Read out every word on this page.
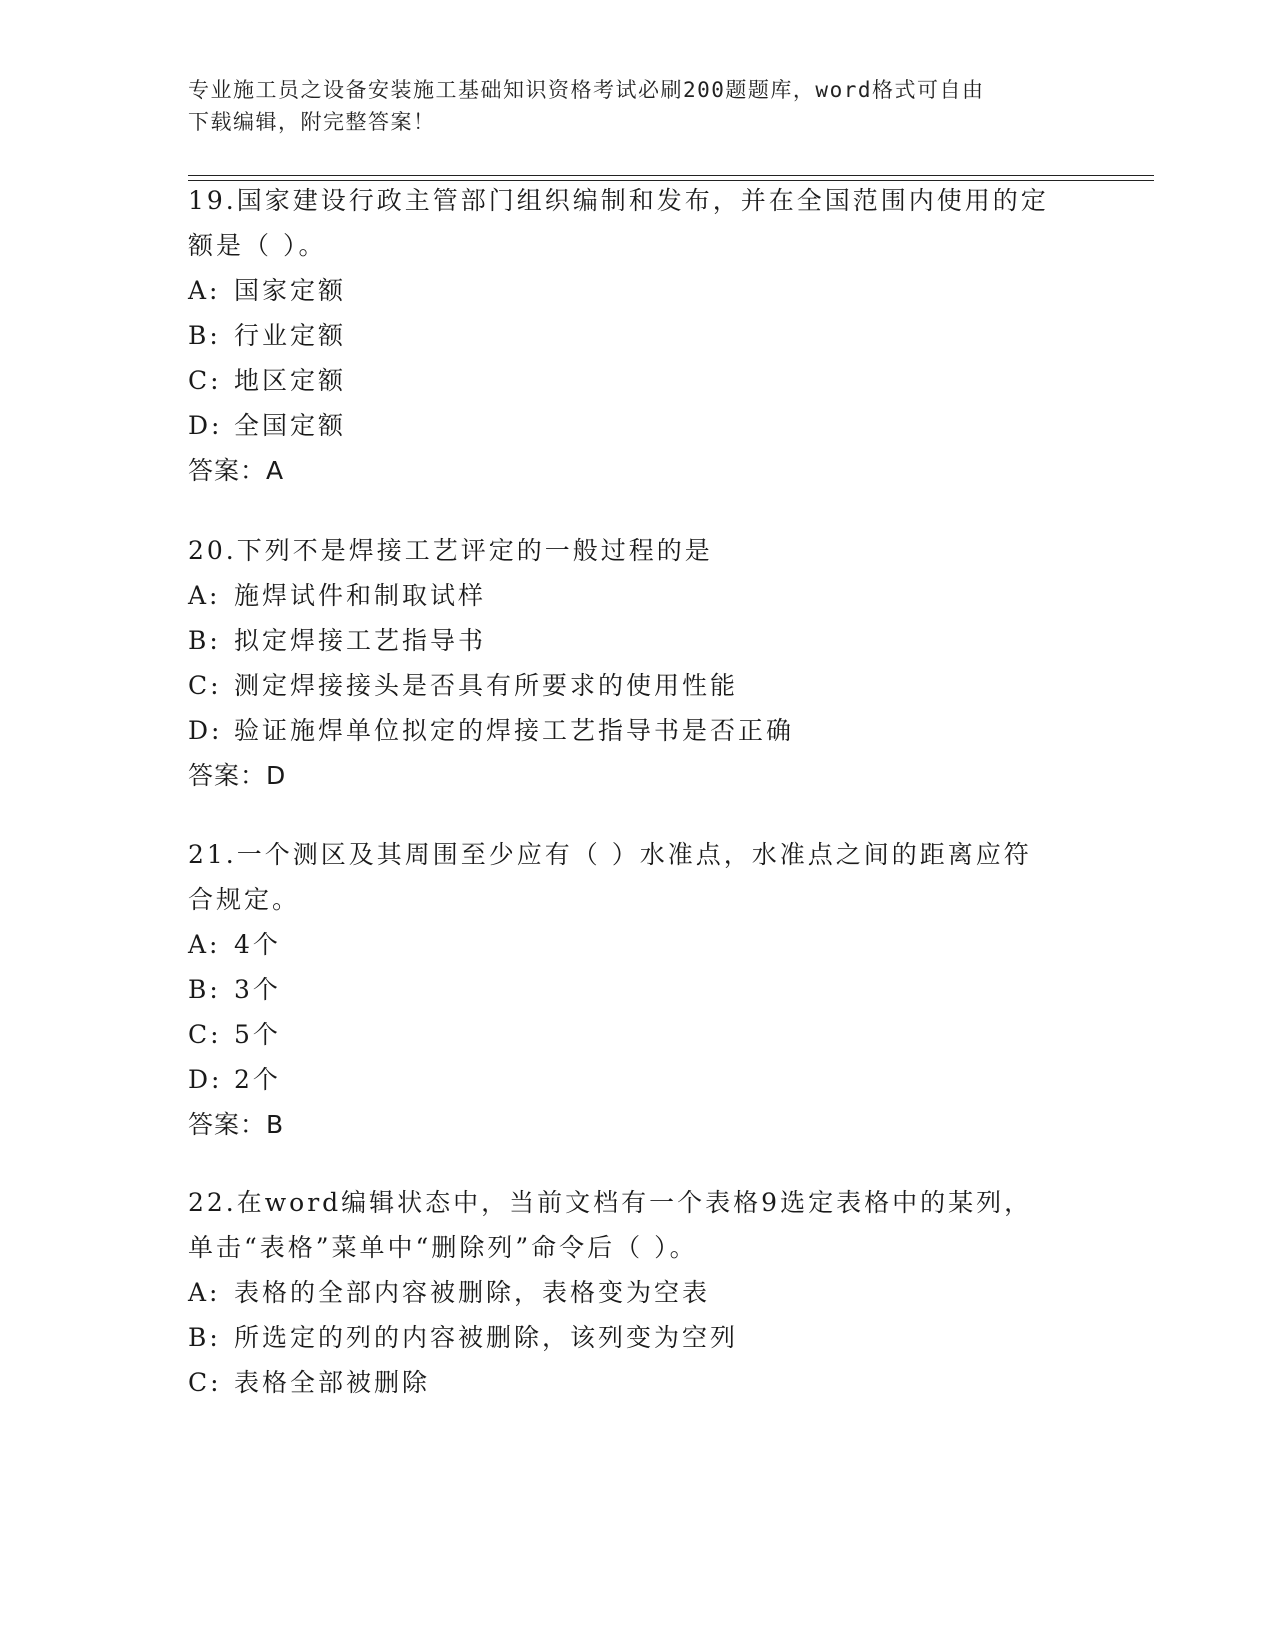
专业施工员之设备安装施工基础知识资格考试必刷200题题库，word格式可自由
下载编辑，附完整答案！

19.国家建设行政主管部门组织编制和发布，并在全国范围内使用的定
额是（ ）。

A: 国家定额

B: 行业定额

C: 地区定额

D: 全国定额

答案：A

20.下列不是焊接工艺评定的一般过程的是

A: 施焊试件和制取试样

B: 拟定焊接工艺指导书

C: 测定焊接接头是否具有所要求的使用性能

D: 验证施焊单位拟定的焊接工艺指导书是否正确

答案：D

21.一个测区及其周围至少应有（ ）水准点，水准点之间的距离应符
合规定。

A: 4个

B: 3个

C: 5个

D: 2个

答案：B

22.在word编辑状态中，当前文档有一个表格9选定表格中的某列，
单击“表格”菜单中“删除列”命令后（ ）。

A: 表格的全部内容被删除，表格变为空表

B: 所选定的列的内容被删除，该列变为空列

C: 表格全部被删除
